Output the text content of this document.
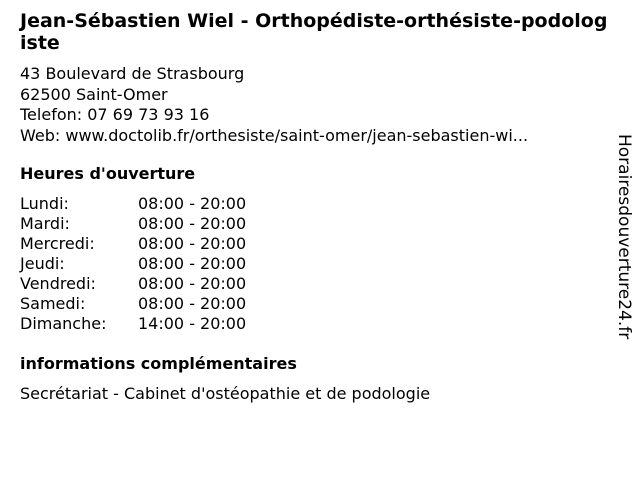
Jean-Sébastien Wiel - Orthopédiste-orthésiste-podologiste
43 Boulevard de Strasbourg
62500 Saint-Omer
Telefon: 07 69 73 93 16
Web: www.doctolib.fr/orthesiste/saint-omer/jean-sebastien-wi...
Heures d'ouverture
Lundi:	08:00 - 20:00
Mardi:	08:00 - 20:00
Mercredi:	08:00 - 20:00
Jeudi:	08:00 - 20:00
Vendredi:	08:00 - 20:00
Samedi:	08:00 - 20:00
Dimanche:	14:00 - 20:00
informations complémentaires
Secrétariat - Cabinet d'ostéopathie et de podologie
Horairesdouverture24.fr
